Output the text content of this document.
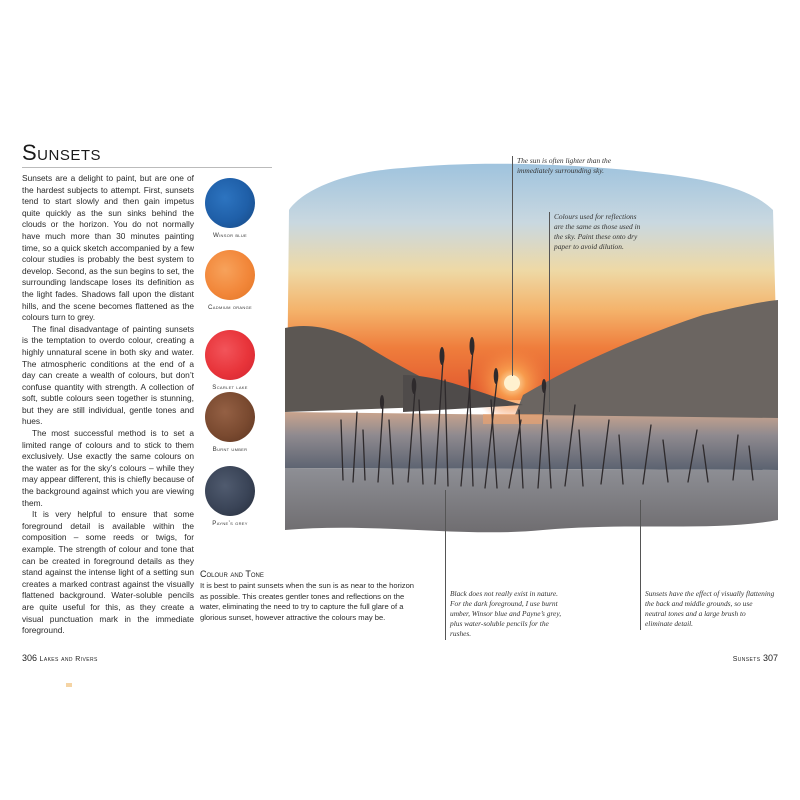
Sunsets

Sunsets are a delight to paint, but are one of the hardest subjects to attempt. First, sunsets tend to start slowly and then gain impetus quite quickly as the sun sinks behind the clouds or the horizon. You do not normally have much more than 30 minutes painting time, so a quick sketch accompanied by a few colour studies is probably the best system to develop. Second, as the sun begins to set, the surrounding landscape loses its definition as the light fades. Shadows fall upon the distant hills, and the scene becomes flattened as the colours turn to grey.

The final disadvantage of painting sunsets is the temptation to overdo colour, creating a highly unnatural scene in both sky and water. The atmospheric conditions at the end of a day can create a wealth of colours, but don’t confuse quantity with strength. A collection of soft, subtle colours seen together is stunning, but they are still individual, gentle tones and hues.

The most successful method is to set a limited range of colours and to stick to them exclusively. Use exactly the same colours on the water as for the sky’s colours – while they may appear different, this is chiefly because of the background against which you are viewing them.

It is very helpful to ensure that some foreground detail is available within the composition – some reeds or twigs, for example. The strength of colour and tone that can be created in foreground details as they stand against the intense light of a setting sun creates a marked contrast against the visually flattened background. Water-soluble pencils are quite useful for this, as they create a visual punctuation mark in the immediate foreground.

Winsor blue
Cadmium orange
Scarlet lake
Burnt umber
Payne’s grey
Colour and Tone
It is best to paint sunsets when the sun is as near to the horizon as possible. This creates gentler tones and reflections on the water, eliminating the need to try to capture the full glare of a glorious sunset, however attractive the colours may be.
The sun is often lighter than the immediately surrounding sky.
Colours used for reflections are the same as those used in the sky. Paint these onto dry paper to avoid dilution.
Black does not really exist in nature. For the dark foreground, I use burnt umber, Winsor blue and Payne’s grey, plus water-soluble pencils for the rushes.
Sunsets have the effect of visually flattening the back and middle grounds, so use neutral tones and a large brush to eliminate detail.
306 Lakes and Rivers	Sunsets 307
